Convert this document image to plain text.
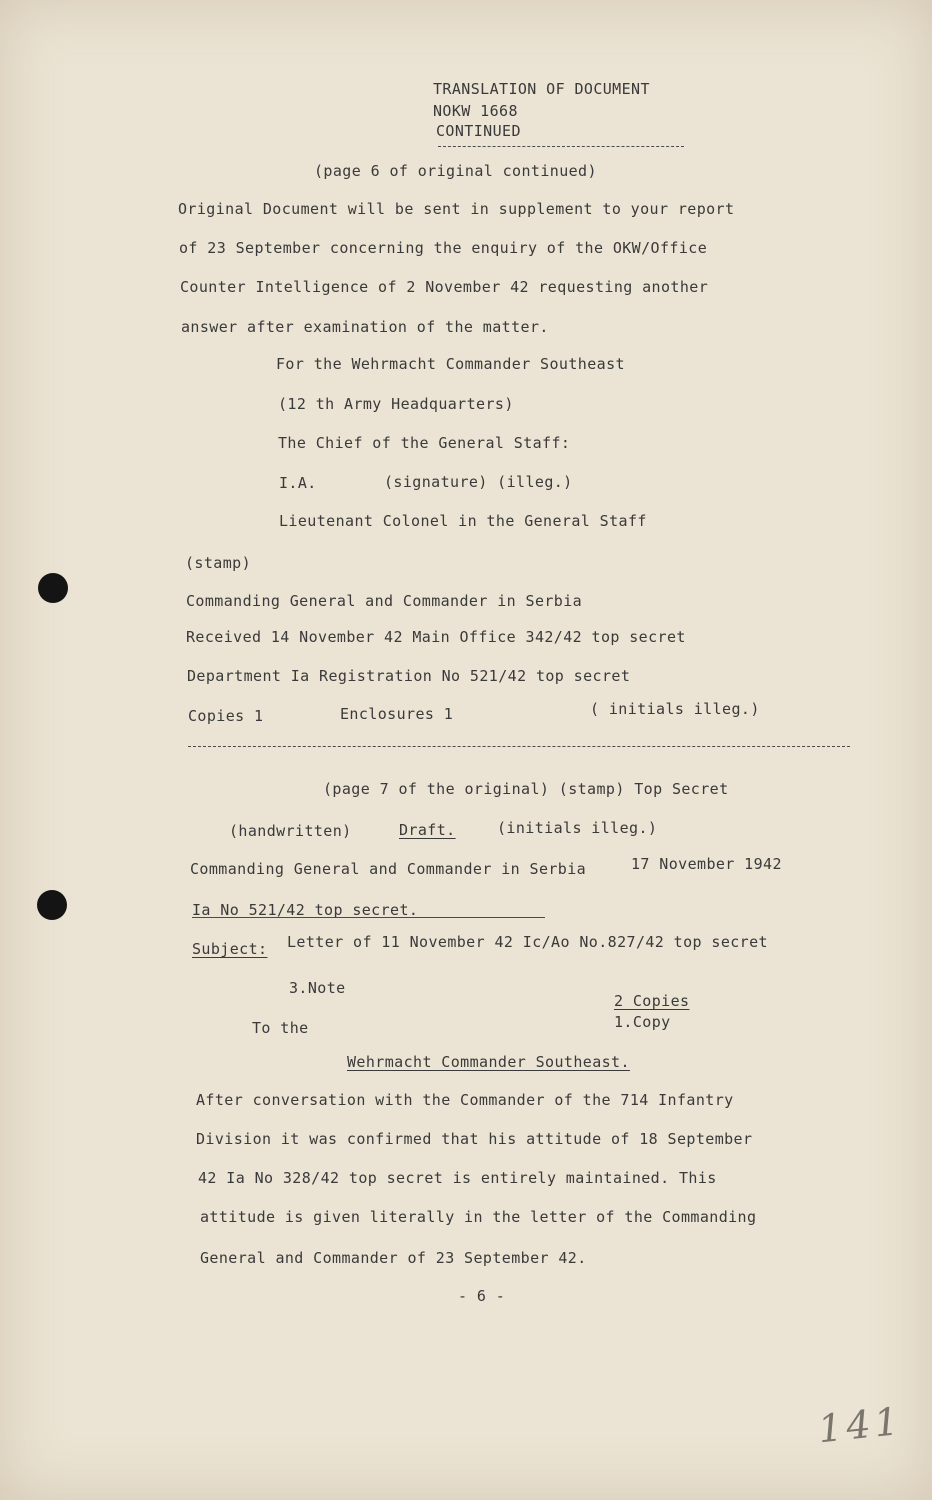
TRANSLATION OF DOCUMENT
NOKW 1668
CONTINUED
(page 6 of original continued)
Original Document will be sent in supplement to your report
of 23 September concerning the enquiry of the OKW/Office
Counter Intelligence of 2 November 42 requesting another
answer after examination of the matter.
For the Wehrmacht Commander Southeast
(12 th Army Headquarters)
The Chief of the General Staff:
I.A.	(signature) (illeg.)
Lieutenant Colonel in the General Staff
(stamp)
Commanding General and Commander in Serbia
Received 14 November 42 Main Office 342/42 top secret
Department Ia Registration No 521/42 top secret
Copies 1	Enclosures 1	( initials illeg.)
(page 7 of the original) (stamp) Top Secret
(handwritten)	Draft.	(initials illeg.)
Commanding General and Commander in Serbia	17 November 1942
Ia No 521/42 top secret.
Subject: Letter of 11 November 42 Ic/Ao No.827/42 top secret
3.Note
2 Copies
1.Copy
To the
Wehrmacht Commander Southeast.
After conversation with the Commander of the 714 Infantry
Division it was confirmed that his attitude of 18 September
42 Ia No 328/42 top secret is entirely maintained. This
attitude is given literally in the letter of the Commanding
General and Commander of 23 September 42.
- 6 -
141
